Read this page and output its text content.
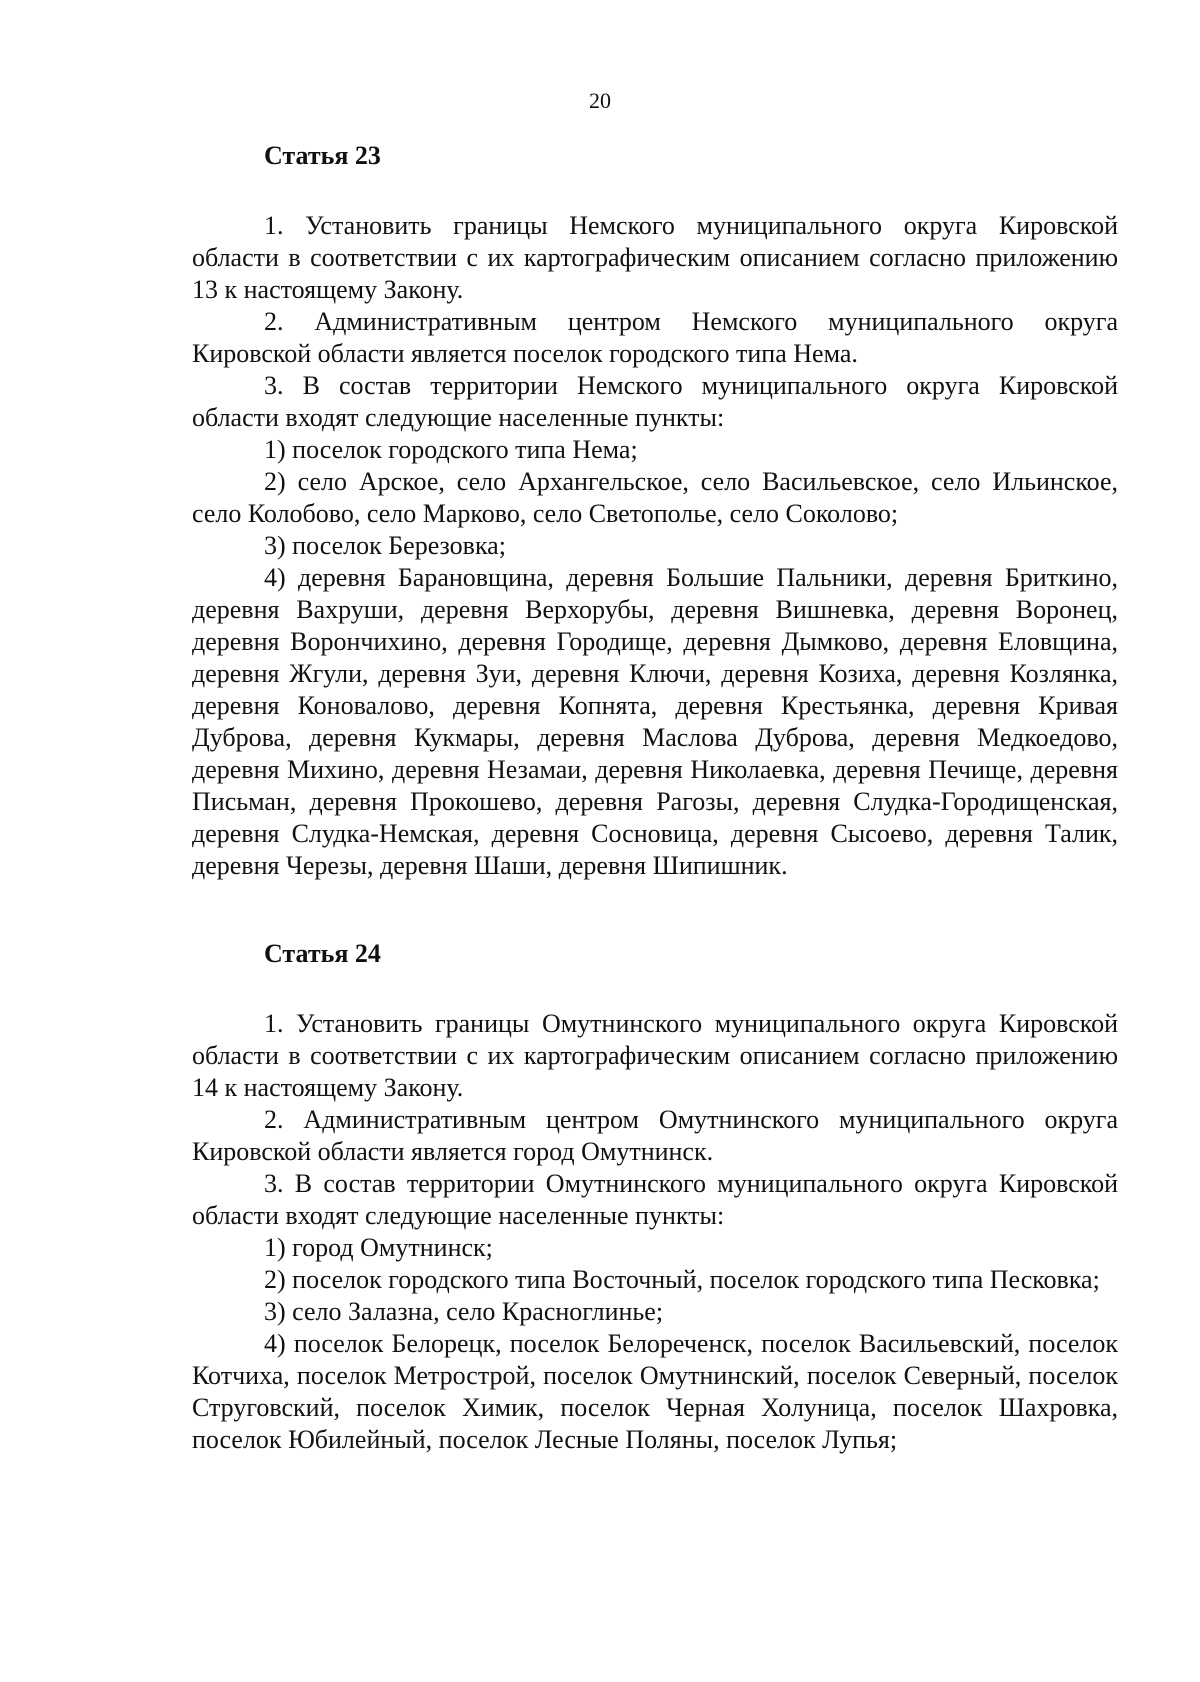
20
Статья 23

1. Установить границы Немского муниципального округа Кировской области в соответствии с их картографическим описанием согласно приложению 13 к настоящему Закону.

2. Административным центром Немского муниципального округа Кировской области является поселок городского типа Нема.

3. В состав территории Немского муниципального округа Кировской области входят следующие населенные пункты:

1) поселок городского типа Нема;

2) село Арское, село Архангельское, село Васильевское, село Ильинское, село Колобово, село Марково, село Светополье, село Соколово;

3) поселок Березовка;

4) деревня Барановщина, деревня Большие Пальники, деревня Бриткино, деревня Вахруши, деревня Верхорубы, деревня Вишневка, деревня Воронец, деревня Ворончихино, деревня Городище, деревня Дымково, деревня Еловщина, деревня Жгули, деревня Зуи, деревня Ключи, деревня Козиха, деревня Козлянка, деревня Коновалово, деревня Копнята, деревня Крестьянка, деревня Кривая Дуброва, деревня Кукмары, деревня Маслова Дуброва, деревня Медкоедово, деревня Михино, деревня Незамаи, деревня Николаевка, деревня Печище, деревня Письман, деревня Прокошево, деревня Рагозы, деревня Слудка-Городищенская, деревня Слудка-Немская, деревня Сосновица, деревня Сысоево, деревня Талик, деревня Черезы, деревня Шаши, деревня Шипишник.

Статья 24

1. Установить границы Омутнинского муниципального округа Кировской области в соответствии с их картографическим описанием согласно приложению 14 к настоящему Закону.

2. Административным центром Омутнинского муниципального округа Кировской области является город Омутнинск.

3. В состав территории Омутнинского муниципального округа Кировской области входят следующие населенные пункты:

1) город Омутнинск;

2) поселок городского типа Восточный, поселок городского типа Песковка;

3) село Залазна, село Красноглинье;

4) поселок Белорецк, поселок Белореченск, поселок Васильевский, поселок Котчиха, поселок Метрострой, поселок Омутнинский, поселок Северный, поселок Струговский, поселок Химик, поселок Черная Холуница, поселок Шахровка, поселок Юбилейный, поселок Лесные Поляны, поселок Лупья;
